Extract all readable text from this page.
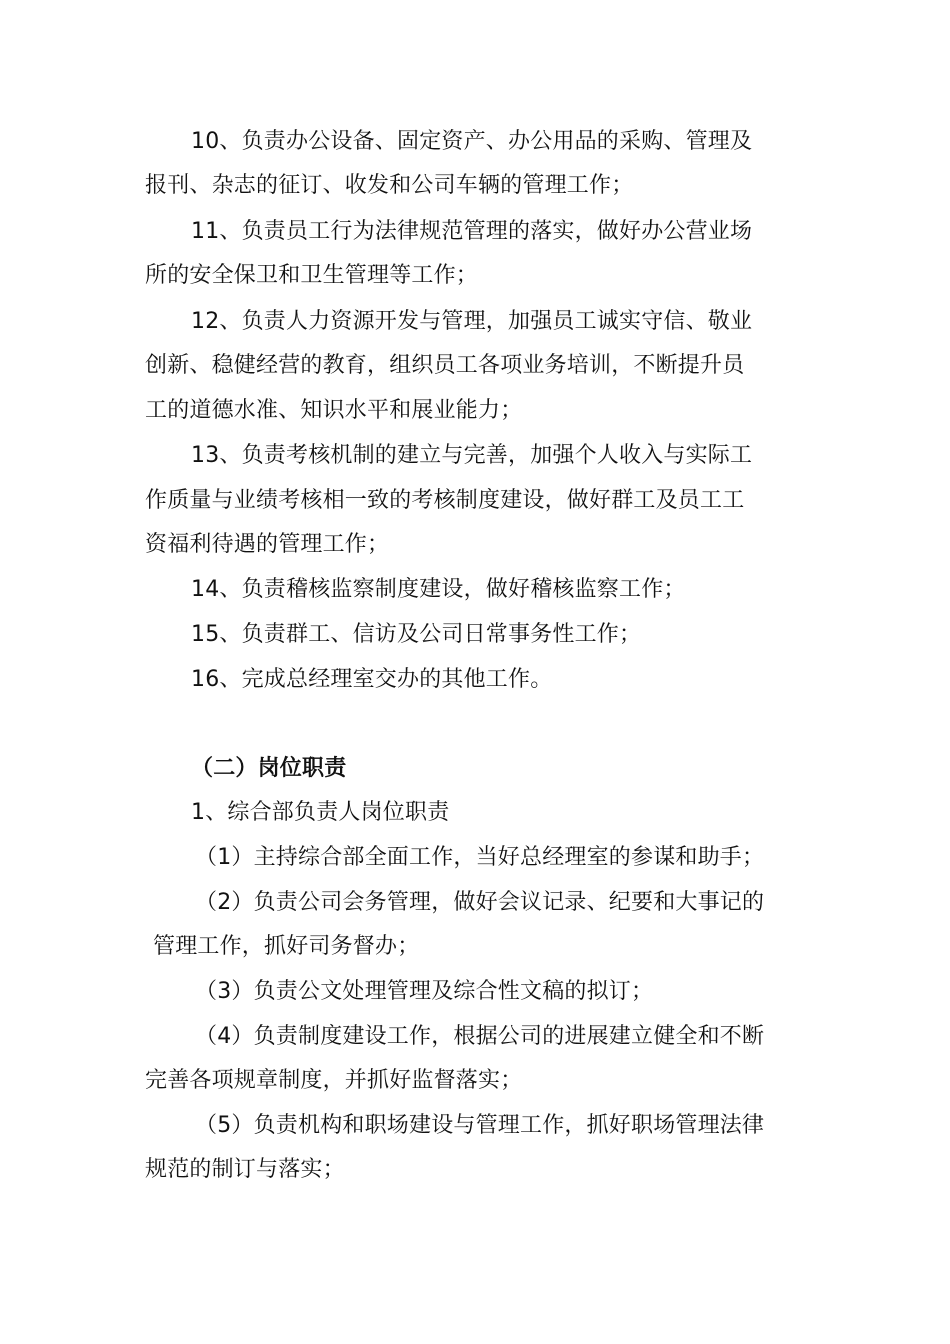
10、负责办公设备、固定资产、办公用品的采购、管理及
报刊、杂志的征订、收发和公司车辆的管理工作；
11、负责员工行为法律规范管理的落实，做好办公营业场
所的安全保卫和卫生管理等工作；
12、负责人力资源开发与管理，加强员工诚实守信、敬业
创新、稳健经营的教育，组织员工各项业务培训，不断提升员
工的道德水准、知识水平和展业能力；
13、负责考核机制的建立与完善，加强个人收入与实际工
作质量与业绩考核相一致的考核制度建设，做好群工及员工工
资福利待遇的管理工作；
14、负责稽核监察制度建设，做好稽核监察工作；
15、负责群工、信访及公司日常事务性工作；
16、完成总经理室交办的其他工作。
（二）岗位职责
1、综合部负责人岗位职责
（1）主持综合部全面工作，当好总经理室的参谋和助手；
（2）负责公司会务管理，做好会议记录、纪要和大事记的
管理工作，抓好司务督办；
（3）负责公文处理管理及综合性文稿的拟订；
（4）负责制度建设工作，根据公司的进展建立健全和不断
完善各项规章制度，并抓好监督落实；
（5）负责机构和职场建设与管理工作，抓好职场管理法律
规范的制订与落实；
